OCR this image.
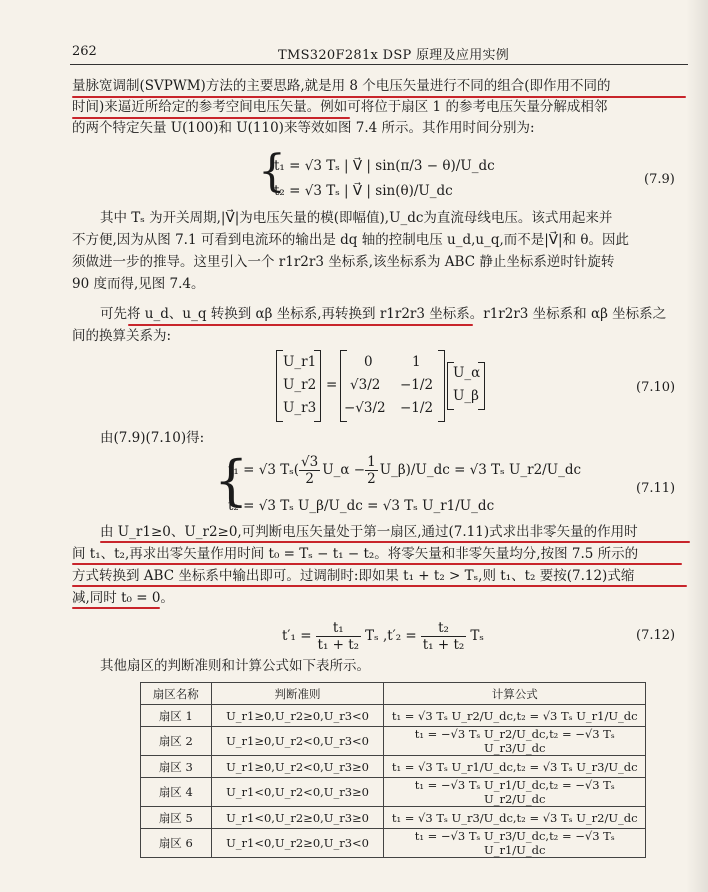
262	TMS320F281x DSP 原理及应用实例
量脉宽调制(SVPWM)方法的主要思路,就是用 8 个电压矢量进行不同的组合(即作用不同的
时间)来逼近所给定的参考空间电压矢量。例如可将位于扇区 1 的参考电压矢量分解成相邻
的两个特定矢量 U(100)和 U(110)来等效如图 7.4 所示。其作用时间分别为:
{
t₁ = √3 Tₛ | V⃗ | sin(π/3 − θ)/U_dc
t₂ = √3 Tₛ | V⃗ | sin(θ)/U_dc
(7.9)
其中 Tₛ 为开关周期,|V⃗|为电压矢量的模(即幅值),U_dc为直流母线电压。该式用起来并
不方便,因为从图 7.1 可看到电流环的输出是 dq 轴的控制电压 u_d,u_q,而不是|V⃗|和 θ。因此
须做进一步的推导。这里引入一个 r1r2r3 坐标系,该坐标系为 ABC 静止坐标系逆时针旋转
90 度而得,见图 7.4。
可先将 u_d、u_q 转换到 αβ 坐标系,再转换到 r1r2r3 坐标系。r1r2r3 坐标系和 αβ 坐标系之
间的换算关系为:
U_r1
U_r2
U_r3
=
0	1
√3/2 −1/2
−√3/2 −1/2
U_α
U_β
(7.10)
由(7.9)(7.10)得:
{
t₁ = √3 $T_s( \frac{√3}{2}$ U_α − $\frac{1}{2}$ U_β)/U_dc = √3 Tₛ U_r2/U_dc
t₂ = √3 Tₛ U_β/U_dc = √3 Tₛ U_r1/U_dc
(7.11)
由 U_r1≥0、U_r2≥0,可判断电压矢量处于第一扇区,通过(7.11)式求出非零矢量的作用时
间 t₁、t₂,再求出零矢量作用时间 t₀ = Tₛ − t₁ − t₂。将零矢量和非零矢量均分,按图 7.5 所示的
方式转换到 ABC 坐标系中输出即可。过调制时:即如果 t₁ + t₂ > Tₛ,则 t₁、t₂ 要按(7.12)式缩
减,同时 t₀ = 0。
$t'_1 = \frac{\text{t₁}}{\text{t₁ + t₂}}$ Tₛ $,t'_2 = \frac{\text{t₂}}{\text{t₁ + t₂}}$ Tₛ	(7.12)
其他扇区的判断准则和计算公式如下表所示。
扇区名称	判断准则	计算公式
扇区 1	U_r1≥0,U_r2≥0,U_r3<0	t₁ = √3 Tₛ U_r2/U_dc,t₂ = √3 Tₛ U_r1/U_dc
扇区 2	U_r1≥0,U_r2<0,U_r3<0	t₁ = −√3 Tₛ U_r2/U_dc,t₂ = −√3 Tₛ U_r3/U_dc
扇区 3	U_r1≥0,U_r2<0,U_r3≥0	t₁ = √3 Tₛ U_r1/U_dc,t₂ = √3 Tₛ U_r3/U_dc
扇区 4	U_r1<0,U_r2<0,U_r3≥0	t₁ = −√3 Tₛ U_r1/U_dc,t₂ = −√3 Tₛ U_r2/U_dc
扇区 5	U_r1<0,U_r2≥0,U_r3≥0	t₁ = √3 Tₛ U_r3/U_dc,t₂ = √3 Tₛ U_r2/U_dc
扇区 6	U_r1<0,U_r2≥0,U_r3<0	t₁ = −√3 Tₛ U_r3/U_dc,t₂ = −√3 Tₛ U_r1/U_dc
